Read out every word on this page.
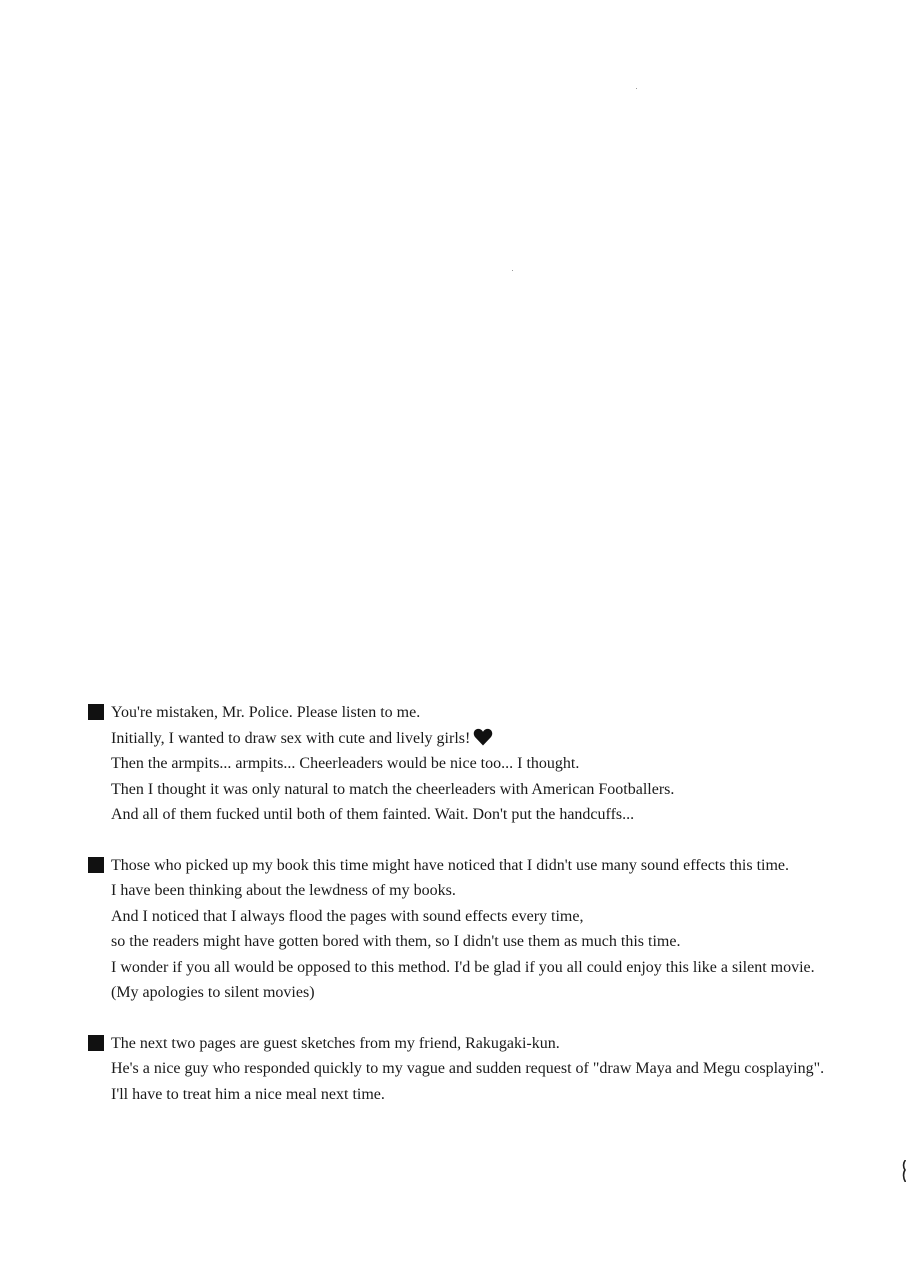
You're mistaken, Mr. Police. Please listen to me.
Initially, I wanted to draw sex with cute and lively girls!
Then the armpits... armpits... Cheerleaders would be nice too... I thought.
Then I thought it was only natural to match the cheerleaders with American Footballers.
And all of them fucked until both of them fainted. Wait. Don't put the handcuffs...
Those who picked up my book this time might have noticed that I didn't use many sound effects this time.
I have been thinking about the lewdness of my books.
And I noticed that I always flood the pages with sound effects every time,
so the readers might have gotten bored with them, so I didn't use them as much this time.
I wonder if you all would be opposed to this method. I'd be glad if you all could enjoy this like a silent movie.
(My apologies to silent movies)
The next two pages are guest sketches from my friend, Rakugaki-kun.
He's a nice guy who responded quickly to my vague and sudden request of "draw Maya and Megu cosplaying".
I'll have to treat him a nice meal next time.
